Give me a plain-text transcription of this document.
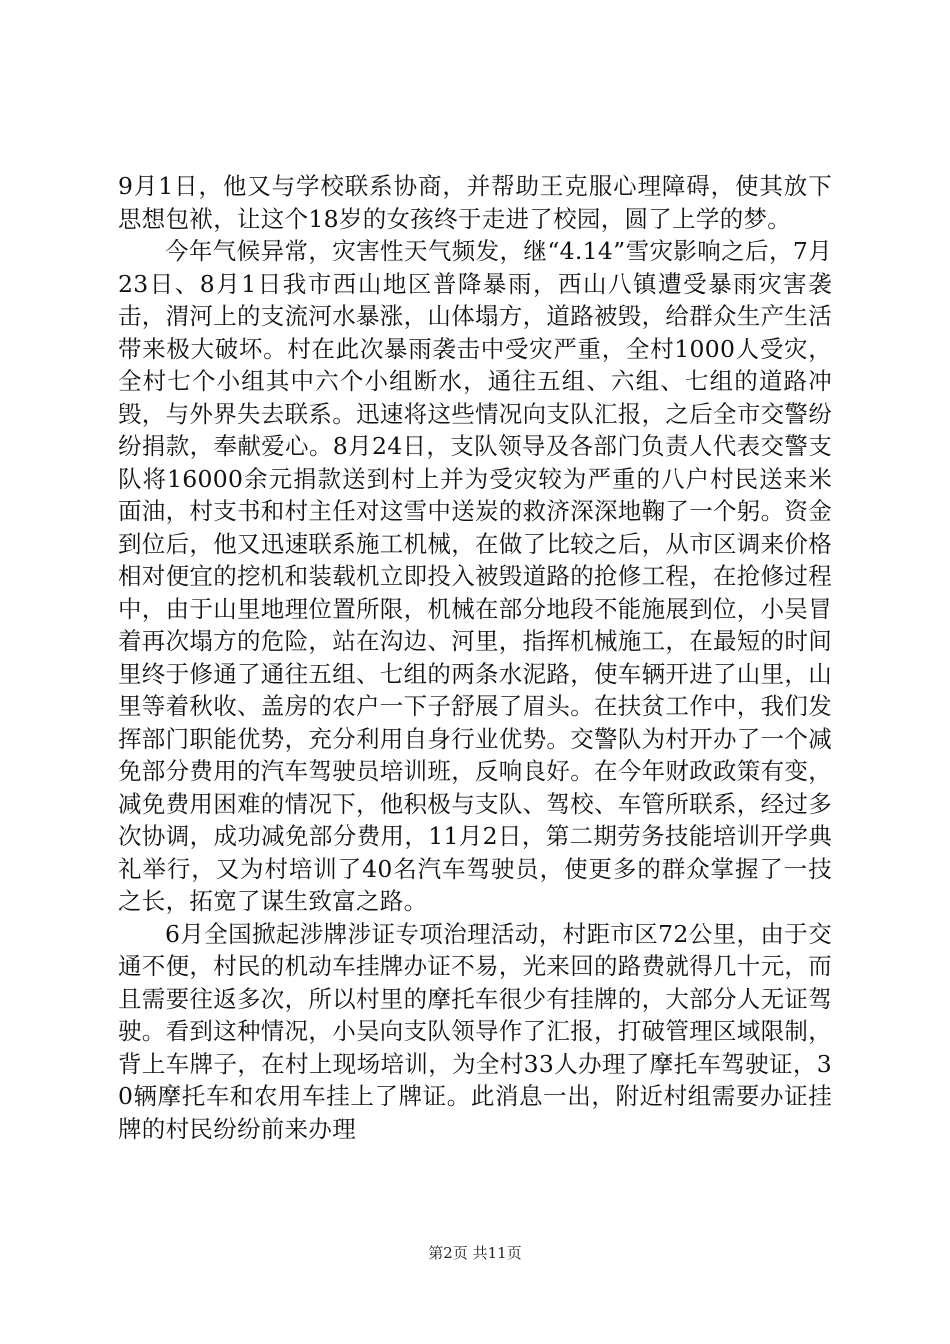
9月1日，他又与学校联系协商，并帮助王克服心理障碍，使其放下思想包袱，让这个18岁的女孩终于走进了校园，圆了上学的梦。

今年气候异常，灾害性天气频发，继“4.14”雪灾影响之后，7月23日、8月1日我市西山地区普降暴雨，西山八镇遭受暴雨灾害袭击，渭河上的支流河水暴涨，山体塌方，道路被毁，给群众生产生活带来极大破坏。村在此次暴雨袭击中受灾严重，全村1000人受灾，全村七个小组其中六个小组断水，通往五组、六组、七组的道路冲毁，与外界失去联系。迅速将这些情况向支队汇报，之后全市交警纷纷捐款，奉献爱心。8月24日，支队领导及各部门负责人代表交警支队将16000余元捐款送到村上并为受灾较为严重的八户村民送来米面油，村支书和村主任对这雪中送炭的救济深深地鞠了一个躬。资金到位后，他又迅速联系施工机械，在做了比较之后，从市区调来价格相对便宜的挖机和装载机立即投入被毁道路的抢修工程，在抢修过程中，由于山里地理位置所限，机械在部分地段不能施展到位，小吴冒着再次塌方的危险，站在沟边、河里，指挥机械施工，在最短的时间里终于修通了通往五组、七组的两条水泥路，使车辆开进了山里，山里等着秋收、盖房的农户一下子舒展了眉头。在扶贫工作中，我们发挥部门职能优势，充分利用自身行业优势。交警队为村开办了一个减免部分费用的汽车驾驶员培训班，反响良好。在今年财政政策有变，减免费用困难的情况下，他积极与支队、驾校、车管所联系，经过多次协调，成功减免部分费用，11月2日，第二期劳务技能培训开学典礼举行，又为村培训了40名汽车驾驶员，使更多的群众掌握了一技之长，拓宽了谋生致富之路。

6月全国掀起涉牌涉证专项治理活动，村距市区72公里，由于交通不便，村民的机动车挂牌办证不易，光来回的路费就得几十元，而且需要往返多次，所以村里的摩托车很少有挂牌的，大部分人无证驾驶。看到这种情况，小吴向支队领导作了汇报，打破管理区域限制，背上车牌子，在村上现场培训，为全村33人办理了摩托车驾驶证，30辆摩托车和农用车挂上了牌证。此消息一出，附近村组需要办证挂牌的村民纷纷前来办理

第2页 共11页
